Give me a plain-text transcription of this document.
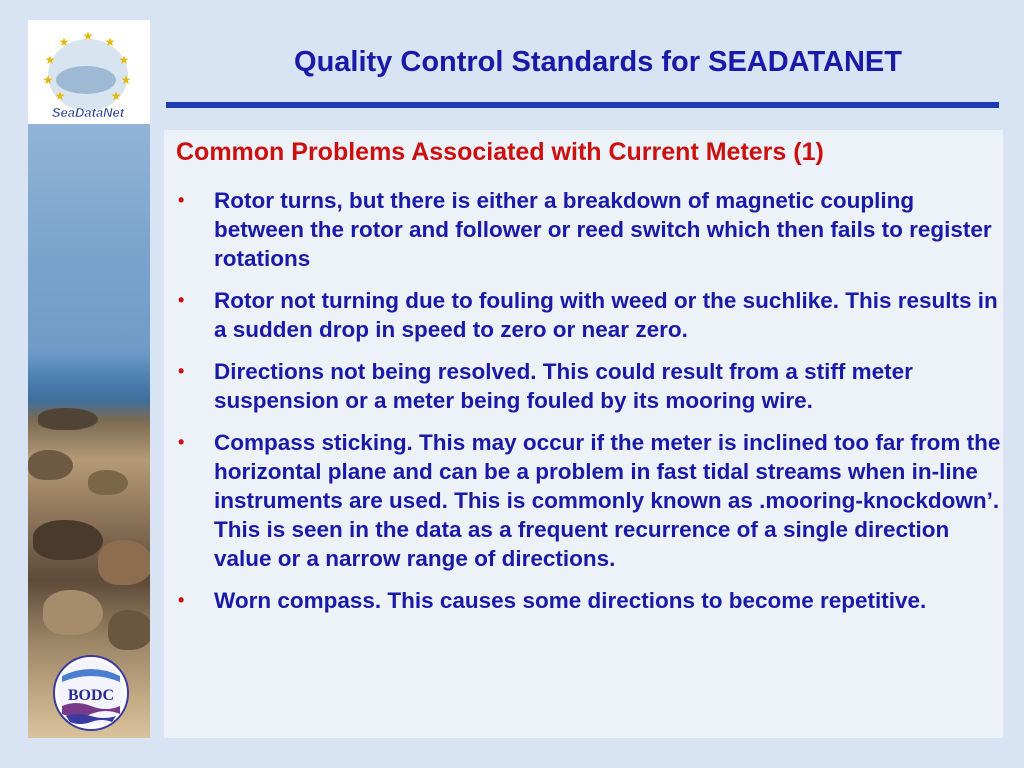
★ ★
★
★
★
★
★
★	★
SeaDataNet
BODC
Quality Control Standards for SEADATANET
Common Problems Associated with Current Meters (1)
• Rotor turns, but there is either a breakdown of magnetic coupling between the rotor and follower or reed switch which then fails to register rotations
• Rotor not turning due to fouling with weed or the suchlike. This results in a sudden drop in speed to zero or near zero.
• Directions not being resolved. This could result from a stiff meter suspension or a meter being fouled by its mooring wire.
• Compass sticking. This may occur if the meter is inclined too far from the horizontal plane and can be a problem in fast tidal streams when in-line instruments are used. This is commonly known as .mooring-knockdown’. This is seen in the data as a frequent recurrence of a single direction value or a narrow range of directions.
• Worn compass. This causes some directions to become repetitive.
